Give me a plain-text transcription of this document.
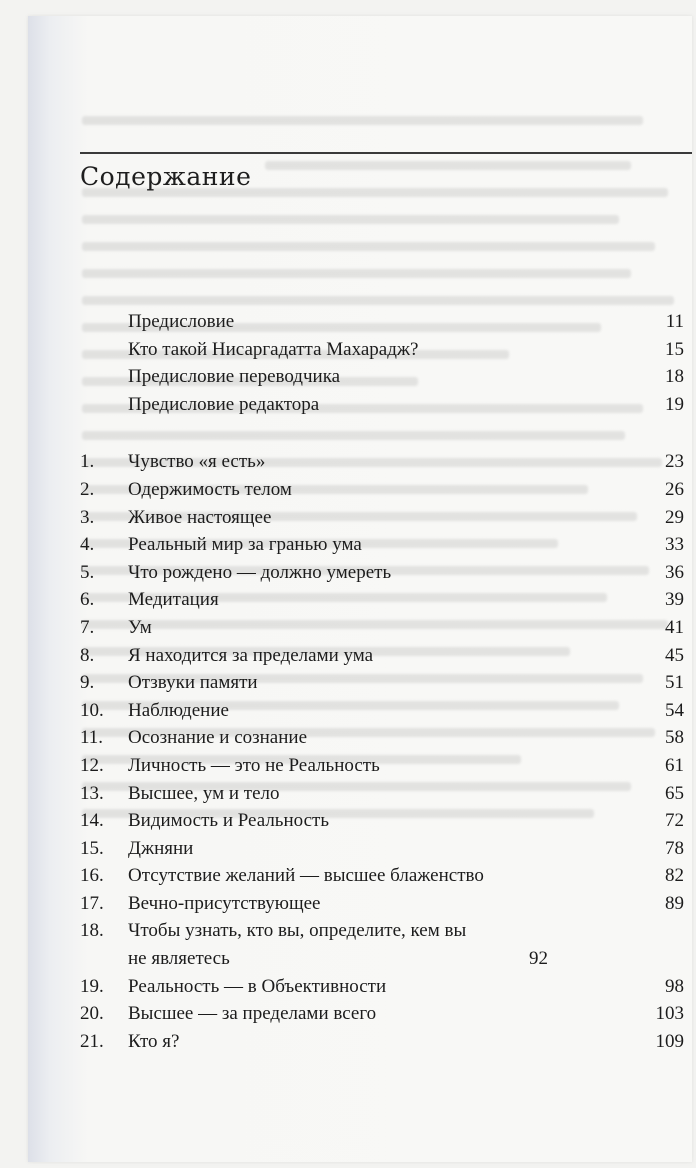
Содержание
Предисловие	11
Кто такой Нисаргадатта Махарадж?	15
Предисловие переводчика	18
Предисловие редактора	19
1.	Чувство «я есть»	23
2.	Одержимость телом	26
3.	Живое настоящее	29
4.	Реальный мир за гранью ума	33
5.	Что рождено — должно умереть	36
6.	Медитация	39
7.	Ум	41
8.	Я находится за пределами ума	45
9.	Отзвуки памяти	51
10.	Наблюдение	54
11.	Осознание и сознание	58
12.	Личность — это не Реальность	61
13.	Высшее, ум и тело	65
14.	Видимость и Реальность	72
15.	Джняни	78
16.	Отсутствие желаний — высшее блаженство	82
17.	Вечно-присутствующее	89
18.	Чтобы узнать, кто вы, определите, кем вы не являетесь	92
19.	Реальность — в Объективности	98
20.	Высшее — за пределами всего	103
21.	Кто я?	109
